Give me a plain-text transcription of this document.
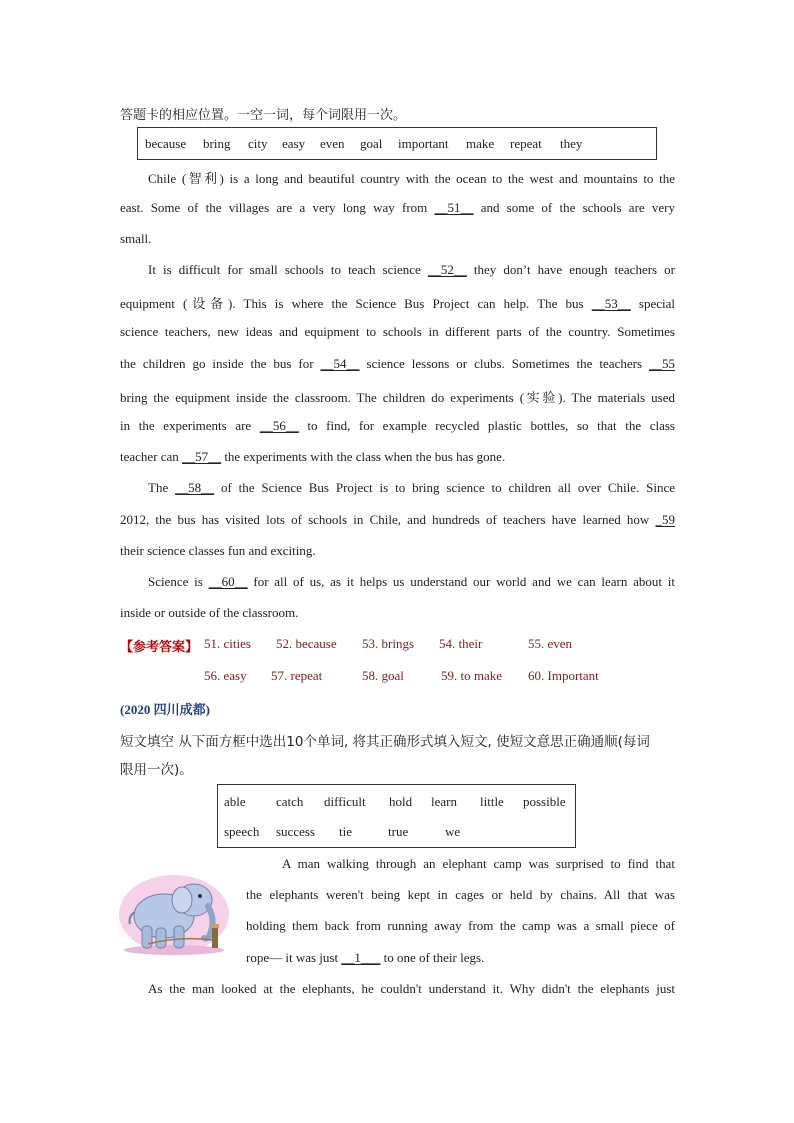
答题卡的相应位置。一空一词，每个词限用一次。
because bring city easy even goal important make repeat they
Chile (智利) is a long and beautiful country with the ocean to the west and mountains to the
east. Some of the villages are a very long way from __51__ and some of the schools are very
small.
It is difficult for small schools to teach science __52__ they don’t have enough teachers or
equipment (设备). This is where the Science Bus Project can help. The bus __53__ special
science teachers, new ideas and equipment to schools in different parts of the country. Sometimes
the children go inside the bus for __54__ science lessons or clubs. Sometimes the teachers __55
bring the equipment inside the classroom. The children do experiments (实验). The materials used
in the experiments are __56__ to find, for example recycled plastic bottles, so that the class
teacher can __57__ the experiments with the class when the bus has gone.
The __58__ of the Science Bus Project is to bring science to children all over Chile. Since
2012, the bus has visited lots of schools in Chile, and hundreds of teachers have learned how _59
their science classes fun and exciting.
Science is __60__ for all of us, as it helps us understand our world and we can learn about it
inside or outside of the classroom.
【参考答案】 51. cities 52. because 53. brings 54. their	55. even
56. easy 57. repeat	58. goal	59. to make 60. Important
(2020 四川成都)
短文填空 从下面方框中选出10个单词, 将其正确形式填入短文, 使短文意思正确通顺(每词
限用一次)。
able catch difficult hold learn little possible
speech success tie	true	we
A man walking through an elephant camp was surprised to find that
the elephants weren't being kept in cages or held by chains. All that was
holding them back from running away from the camp was a small piece of
rope— it was just __1___ to one of their legs.
As the man looked at the elephants, he couldn't understand it. Why didn't the elephants just
